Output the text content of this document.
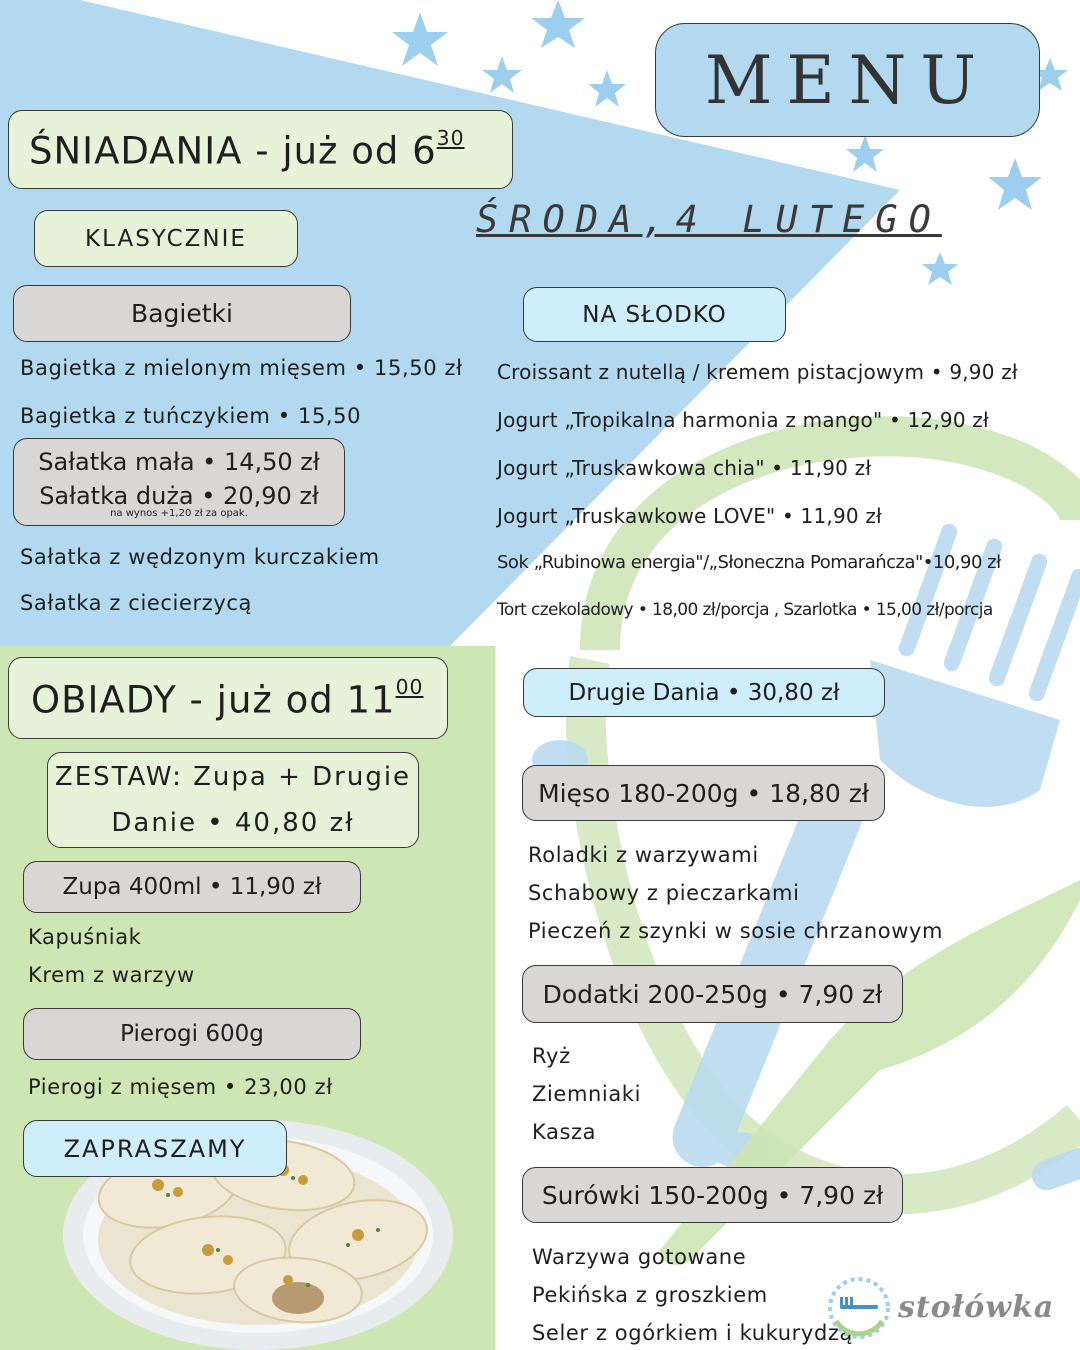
MENU
ŚRODA,4 LUTEGO
ŚNIADANIA - już od $6^{30}$
KLASYCZNIE
Bagietki
Bagietka z mielonym mięsem • 15,50 zł
Bagietka z tuńczykiem • 15,50
Sałatka mała • 14,50 zł
Sałatka duża • 20,90 zł
na wynos +1,20 zł za opak.
Sałatka z wędzonym kurczakiem
Sałatka z ciecierzycą
NA SŁODKO
Croissant z nutellą / kremem pistacjowym • 9,90 zł
Jogurt „Tropikalna harmonia z mango" • 12,90 zł
Jogurt „Truskawkowa chia" • 11,90 zł
Jogurt „Truskawkowe LOVE" • 11,90 zł
Sok „Rubinowa energia"/„Słoneczna Pomarańcza"•10,90 zł
Tort czekoladowy • 18,00 zł/porcja , Szarlotka • 15,00 zł/porcja
OBIADY - już od $11^{00}$
ZESTAW: Zupa + Drugie
Danie • 40,80 zł
Zupa 400ml • 11,90 zł
Kapuśniak
Krem z warzyw
Pierogi 600g
Pierogi z mięsem • 23,00 zł
ZAPRASZAMY
Drugie Dania • 30,80 zł
Mięso 180-200g • 18,80 zł
Roladki z warzywami
Schabowy z pieczarkami
Pieczeń z szynki w sosie chrzanowym
Dodatki 200-250g • 7,90 zł
Ryż
Ziemniaki
Kasza
Surówki 150-200g • 7,90 zł
Warzywa gotowane
Pekińska z groszkiem
Seler z ogórkiem i kukurydzą
stołówka
